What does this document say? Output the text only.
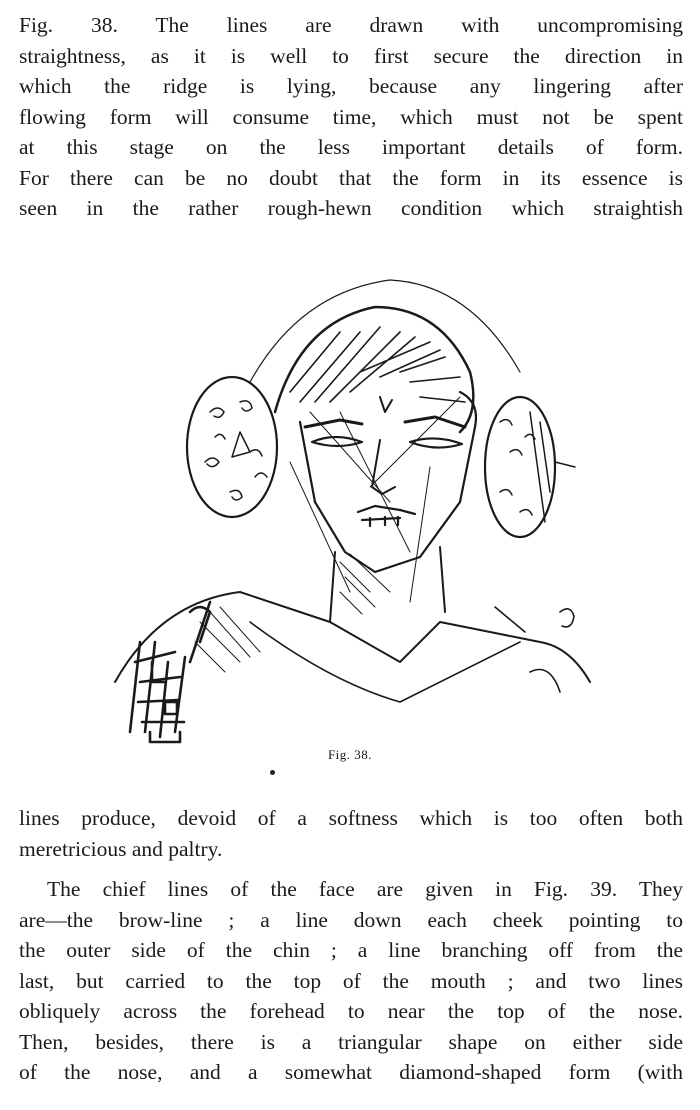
Fig. 38. The lines are drawn with uncompromising
straightness, as it is well to first secure the direction in
which the ridge is lying, because any lingering after
flowing form will consume time, which must not be spent
at this stage on the less important details of form.
For there can be no doubt that the form in its essence is
seen in the rather rough-hewn condition which straightish

Fig. 38.

lines produce, devoid of a softness which is too often both
meretricious and paltry.

The chief lines of the face are given in Fig. 39. They
are—the brow-line ; a line down each cheek pointing to
the outer side of the chin ; a line branching off from the
last, but carried to the top of the mouth ; and two lines
obliquely across the forehead to near the top of the nose.
Then, besides, there is a triangular shape on either side
of the nose, and a somewhat diamond-shaped form (with
